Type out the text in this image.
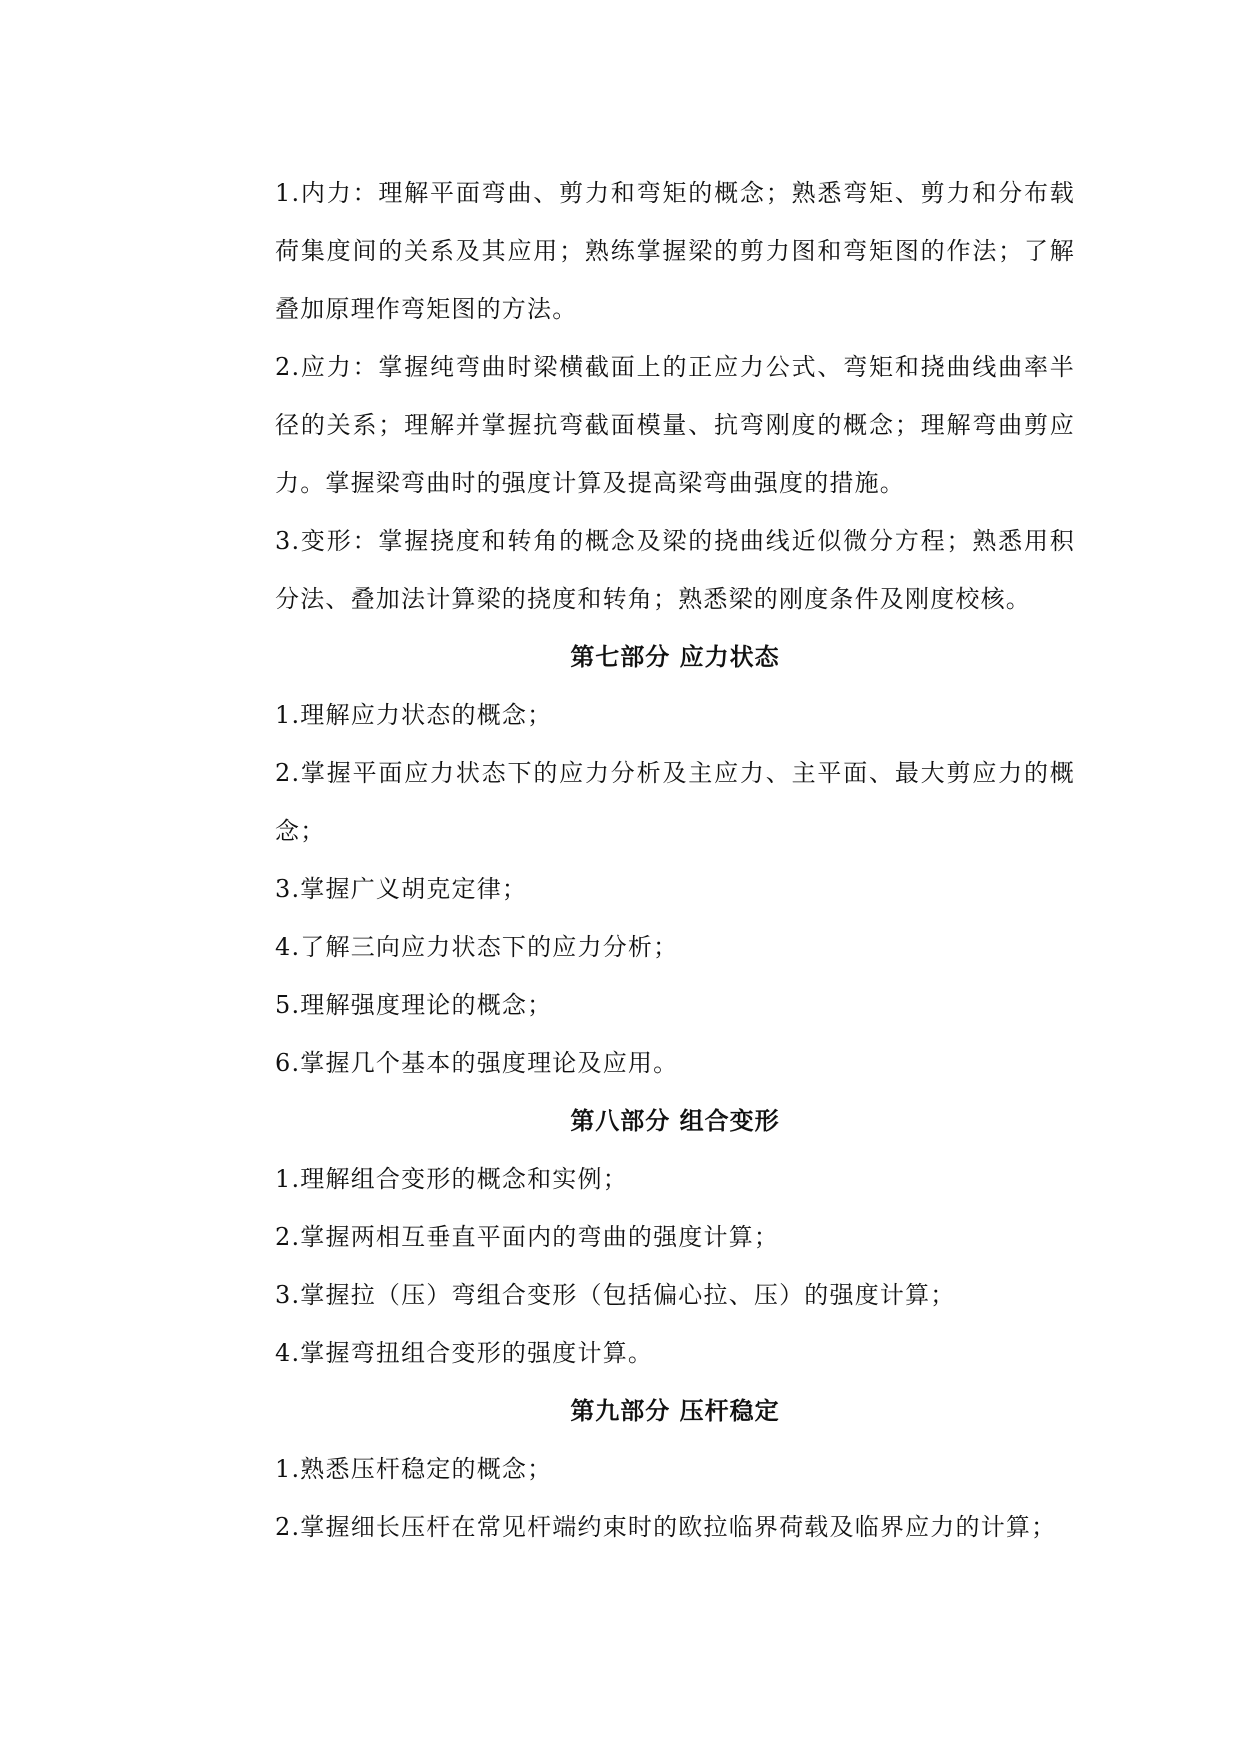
1.内力：理解平面弯曲、剪力和弯矩的概念；熟悉弯矩、剪力和分布载荷集度间的关系及其应用；熟练掌握梁的剪力图和弯矩图的作法；了解叠加原理作弯矩图的方法。

2.应力：掌握纯弯曲时梁横截面上的正应力公式、弯矩和挠曲线曲率半径的关系；理解并掌握抗弯截面模量、抗弯刚度的概念；理解弯曲剪应力。掌握梁弯曲时的强度计算及提高梁弯曲强度的措施。

3.变形：掌握挠度和转角的概念及梁的挠曲线近似微分方程；熟悉用积分法、叠加法计算梁的挠度和转角；熟悉梁的刚度条件及刚度校核。

第七部分 应力状态

1.理解应力状态的概念；

2.掌握平面应力状态下的应力分析及主应力、主平面、最大剪应力的概念；

3.掌握广义胡克定律；

4.了解三向应力状态下的应力分析；

5.理解强度理论的概念；

6.掌握几个基本的强度理论及应用。

第八部分 组合变形

1.理解组合变形的概念和实例；

2.掌握两相互垂直平面内的弯曲的强度计算；

3.掌握拉（压）弯组合变形（包括偏心拉、压）的强度计算；

4.掌握弯扭组合变形的强度计算。

第九部分 压杆稳定

1.熟悉压杆稳定的概念；

2.掌握细长压杆在常见杆端约束时的欧拉临界荷载及临界应力的计算；
